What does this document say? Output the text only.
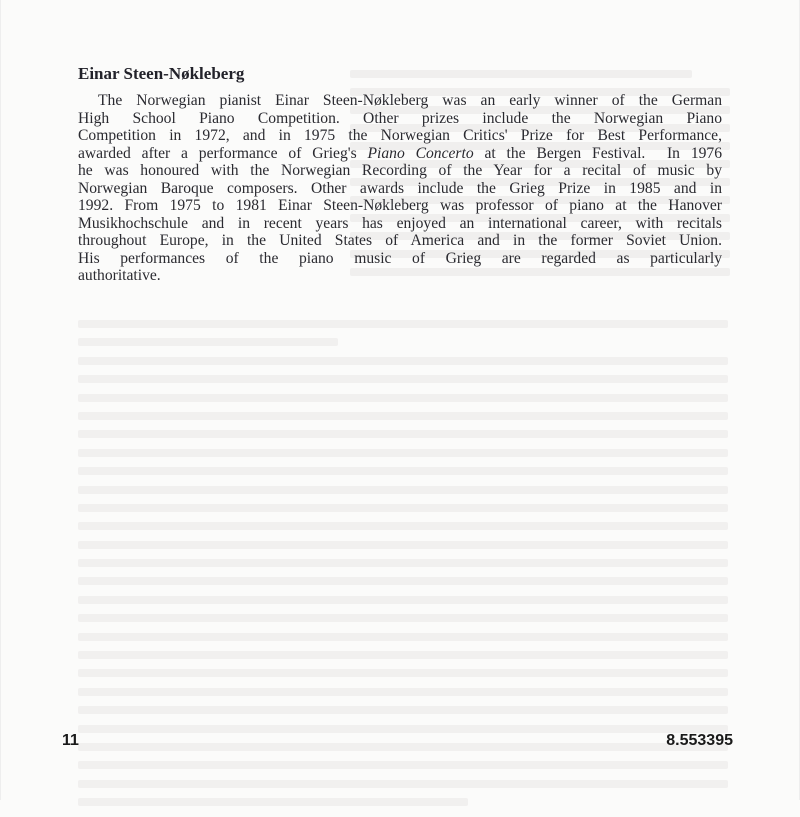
Einar Steen-Nøkleberg
The Norwegian pianist Einar Steen-Nøkleberg was an early winner of the German
High School Piano Competition. Other prizes include the Norwegian Piano
Competition in 1972, and in 1975 the Norwegian Critics' Prize for Best Performance,
awarded after a performance of Grieg's Piano Concerto at the Bergen Festival.  In 1976
he was honoured with the Norwegian Recording of the Year for a recital of music by
Norwegian Baroque composers. Other awards include the Grieg Prize in 1985 and in
1992. From 1975 to 1981 Einar Steen-Nøkleberg was professor of piano at the Hanover
Musikhochschule and in recent years has enjoyed an international career, with recitals
throughout Europe, in the United States of America and in the former Soviet Union.
His performances of the piano music of Grieg are regarded as particularly
authoritative.
11	8.553395
